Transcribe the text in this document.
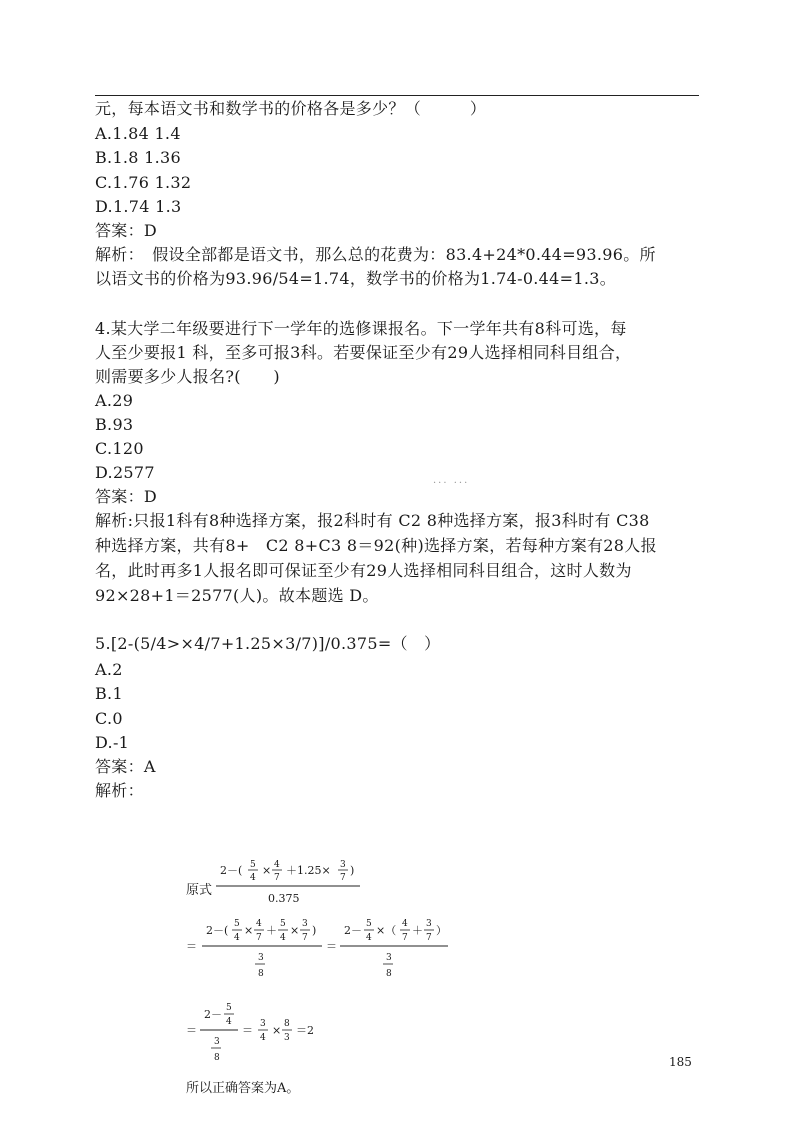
元，每本语文书和数学书的价格各是多少？（　　　）
A.1.84 1.4
B.1.8 1.36
C.1.76 1.32
D.1.74 1.3
答案：D
解析：　假设全部都是语文书，那么总的花费为：83.4+24*0.44=93.96。所
以语文书的价格为93.96/54=1.74，数学书的价格为1.74-0.44=1.3。
4.某大学二年级要进行下一学年的选修课报名。下一学年共有8科可选，每
人至少要报1 科，至多可报3科。若要保证至少有29人选择相同科目组合，
则需要多少人报名?(　　)
A.29
B.93
C.120
D.2577
··· ···
答案：D
解析:只报1科有8种选择方案，报2科时有 C2 8种选择方案，报3科时有 C38
种选择方案，共有8+　C2 8+C3 8＝92(种)选择方案，若每种方案有28人报
名，此时再多1人报名即可保证至少有29人选择相同科目组合，这时人数为
92×28+1＝2577(人)。故本题选 D。
5.[2-(5/4>×4/7+1.25×3/7)]/0.375=（　）
A.2
B.1
C.0
D.-1
答案：A
解析：
原式
2－( 5
4
× 4
7
＋1.25× 3
7
)
0.375
＝
2－( 5
4
× 4
7
＋ 5
4
× 3
7
)
3
8
＝
2－ 5
4
×（ 4
7
＋ 3
7
）
3
8
＝
2－ 5
4
3
8
＝ 3
4
× 8
3
＝2
所以正确答案为A。
185
